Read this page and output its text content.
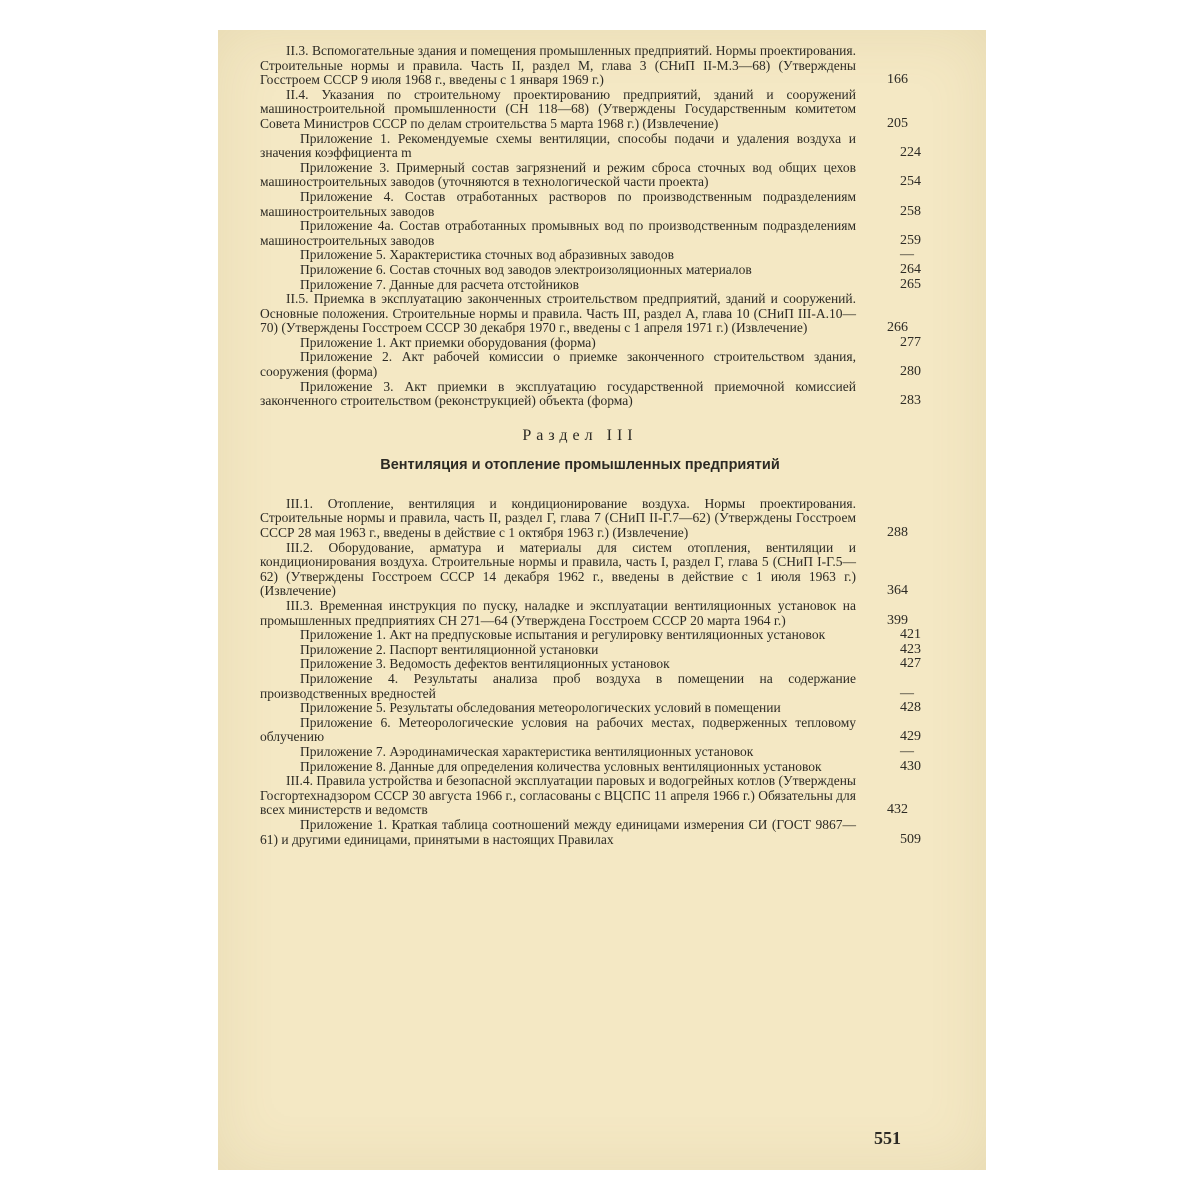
II.3. Вспомогательные здания и помещения промышленных предприятий. Нормы проектирования. Строительные нормы и правила. Часть II, раздел М, глава 3 (СНиП II-М.3—68) (Утверждены Госстроем СССР 9 июля 1968 г., введены с 1 января 1969 г.)	166
II.4. Указания по строительному проектированию предприятий, зданий и сооружений машиностроительной промышленности (СН 118—68) (Утверждены Государственным комитетом Совета Министров СССР по делам строительства 5 марта 1968 г.) (Извлечение)	205
Приложение 1. Рекомендуемые схемы вентиляции, способы подачи и удаления воздуха и значения коэффициента m	224
Приложение 3. Примерный состав загрязнений и режим сброса сточных вод общих цехов машиностроительных заводов (уточняются в технологической части проекта)	254
Приложение 4. Состав отработанных растворов по производственным подразделениям машиностроительных заводов	258
Приложение 4а. Состав отработанных промывных вод по производственным подразделениям машиностроительных заводов	259
Приложение 5. Характеристика сточных вод абразивных заводов	—
Приложение 6. Состав сточных вод заводов электроизоляционных материалов	264
Приложение 7. Данные для расчета отстойников	265
II.5. Приемка в эксплуатацию законченных строительством предприятий, зданий и сооружений. Основные положения. Строительные нормы и правила. Часть III, раздел А, глава 10 (СНиП III-А.10—70) (Утверждены Госстроем СССР 30 декабря 1970 г., введены с 1 апреля 1971 г.) (Извлечение)	266
Приложение 1. Акт приемки оборудования (форма)	277
Приложение 2. Акт рабочей комиссии о приемке законченного строительством здания, сооружения (форма)	280
Приложение 3. Акт приемки в эксплуатацию государственной приемочной комиссией законченного строительством (реконструкцией) объекта (форма)	283
Раздел III
Вентиляция и отопление промышленных предприятий
III.1. Отопление, вентиляция и кондиционирование воздуха. Нормы проектирования. Строительные нормы и правила, часть II, раздел Г, глава 7 (СНиП II-Г.7—62) (Утверждены Госстроем СССР 28 мая 1963 г., введены в действие с 1 октября 1963 г.) (Извлечение)	288
III.2. Оборудование, арматура и материалы для систем отопления, вентиляции и кондиционирования воздуха. Строительные нормы и правила, часть I, раздел Г, глава 5 (СНиП I-Г.5—62) (Утверждены Госстроем СССР 14 декабря 1962 г., введены в действие с 1 июля 1963 г.) (Извлечение)	364
III.3. Временная инструкция по пуску, наладке и эксплуатации вентиляционных установок на промышленных предприятиях СН 271—64 (Утверждена Госстроем СССР 20 марта 1964 г.)	399
Приложение 1. Акт на предпусковые испытания и регулировку вентиляционных установок	421
Приложение 2. Паспорт вентиляционной установки	423
Приложение 3. Ведомость дефектов вентиляционных установок	427
Приложение 4. Результаты анализа проб воздуха в помещении на содержание производственных вредностей	—
Приложение 5. Результаты обследования метеорологических условий в помещении	428
Приложение 6. Метеорологические условия на рабочих местах, подверженных тепловому облучению	429
Приложение 7. Аэродинамическая характеристика вентиляционных установок	—
Приложение 8. Данные для определения количества условных вентиляционных установок	430
III.4. Правила устройства и безопасной эксплуатации паровых и водогрейных котлов (Утверждены Госгортехнадзором СССР 30 августа 1966 г., согласованы с ВЦСПС 11 апреля 1966 г.) Обязательны для всех министерств и ведомств	432
Приложение 1. Краткая таблица соотношений между единицами измерения СИ (ГОСТ 9867—61) и другими единицами, принятыми в настоящих Правилах	509
551
